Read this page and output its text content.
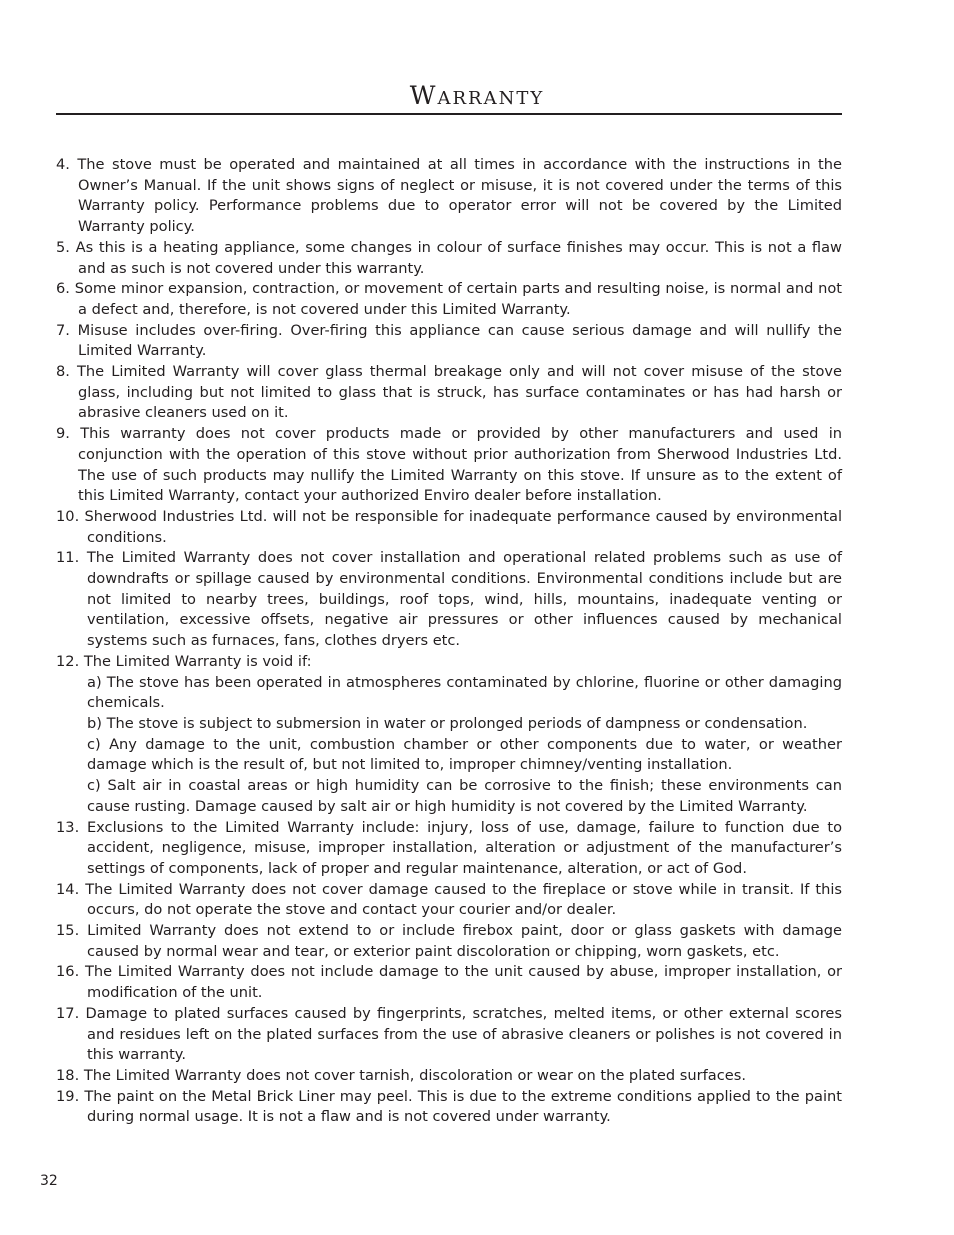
Warranty
4. The stove must be operated and maintained at all times in accordance with the instructions in the Owner’s Manual. If the unit shows signs of neglect or misuse, it is not covered under the terms of this Warranty policy. Performance problems due to operator error will not be covered by the Limited Warranty policy.
5. As this is a heating appliance, some changes in colour of surface finishes may occur. This is not a flaw and as such is not covered under this warranty.
6. Some minor expansion, contraction, or movement of certain parts and resulting noise, is normal and not a defect and, therefore, is not covered under this Limited Warranty.
7. Misuse includes over-firing. Over-firing this appliance can cause serious damage and will nullify the Limited Warranty.
8. The Limited Warranty will cover glass thermal breakage only and will not cover misuse of the stove glass, including but not limited to glass that is struck, has surface contaminates or has had harsh or abrasive cleaners used on it.
9. This warranty does not cover products made or provided by other manufacturers and used in conjunction with the operation of this stove without prior authorization from Sherwood Industries Ltd. The use of such products may nullify the Limited Warranty on this stove. If unsure as to the extent of this Limited Warranty, contact your authorized Enviro dealer before installation.
10. Sherwood Industries Ltd. will not be responsible for inadequate performance caused by environmental conditions.
11. The Limited Warranty does not cover installation and operational related problems such as use of downdrafts or spillage caused by environmental conditions. Environmental conditions include but are not limited to nearby trees, buildings, roof tops, wind, hills, mountains, inadequate venting or ventilation, excessive offsets, negative air pressures or other influences caused by mechanical systems such as furnaces, fans, clothes dryers etc.
12. The Limited Warranty is void if:
a) The stove has been operated in atmospheres contaminated by chlorine, fluorine or other damaging chemicals.
b) The stove is subject to submersion in water or prolonged periods of dampness or condensation.
c) Any damage to the unit, combustion chamber or other components due to water, or weather damage which is the result of, but not limited to, improper chimney/venting installation.
c) Salt air in coastal areas or high humidity can be corrosive to the finish; these environments can cause rusting. Damage caused by salt air or high humidity is not covered by the Limited Warranty.
13. Exclusions to the Limited Warranty include: injury, loss of use, damage, failure to function due to accident, negligence, misuse, improper installation, alteration or adjustment of the manufacturer’s settings of components, lack of proper and regular maintenance, alteration, or act of God.
14. The Limited Warranty does not cover damage caused to the fireplace or stove while in transit. If this occurs, do not operate the stove and contact your courier and/or dealer.
15. Limited Warranty does not extend to or include firebox paint, door or glass gaskets with damage caused by normal wear and tear, or exterior paint discoloration or chipping, worn gaskets, etc.
16. The Limited Warranty does not include damage to the unit caused by abuse, improper installation, or modification of the unit.
17. Damage to plated surfaces caused by fingerprints, scratches, melted items, or other external scores and residues left on the plated surfaces from the use of abrasive cleaners or polishes is not covered in this warranty.
18. The Limited Warranty does not cover tarnish, discoloration or wear on the plated surfaces.
19. The paint on the Metal Brick Liner may peel. This is due to the extreme conditions applied to the paint during normal usage. It is not a flaw and is not covered under warranty.
32
